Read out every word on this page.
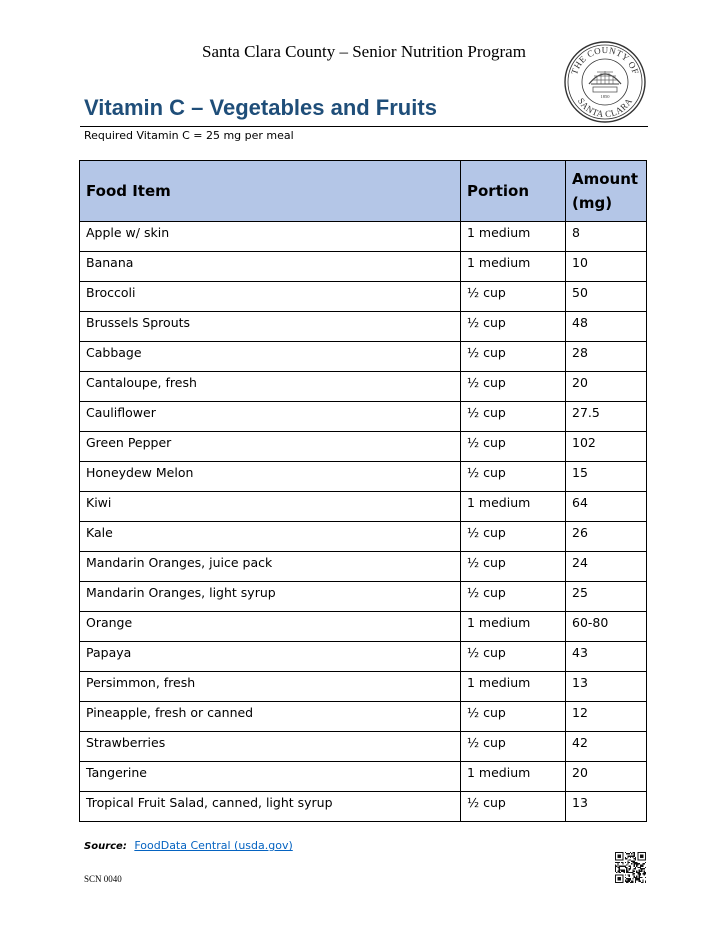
Santa Clara County – Senior Nutrition Program
THE COUNTY OF
SANTA CLARA
1850
Vitamin C – Vegetables and Fruits
Required Vitamin C = 25 mg per meal
Food Item	Portion	Amount
(mg)
Apple w/ skin	1 medium	8
Banana	1 medium	10
Broccoli	½ cup	50
Brussels Sprouts	½ cup	48
Cabbage	½ cup	28
Cantaloupe, fresh	½ cup	20
Cauliflower	½ cup	27.5
Green Pepper	½ cup	102
Honeydew Melon	½ cup	15
Kiwi	1 medium	64
Kale	½ cup	26
Mandarin Oranges, juice pack	½ cup	24
Mandarin Oranges, light syrup	½ cup	25
Orange	1 medium	60-80
Papaya	½ cup	43
Persimmon, fresh	1 medium	13
Pineapple, fresh or canned	½ cup	12
Strawberries	½ cup	42
Tangerine	1 medium	20
Tropical Fruit Salad, canned, light syrup	½ cup	13
Source: FoodData Central (usda.gov)
SCN 0040
